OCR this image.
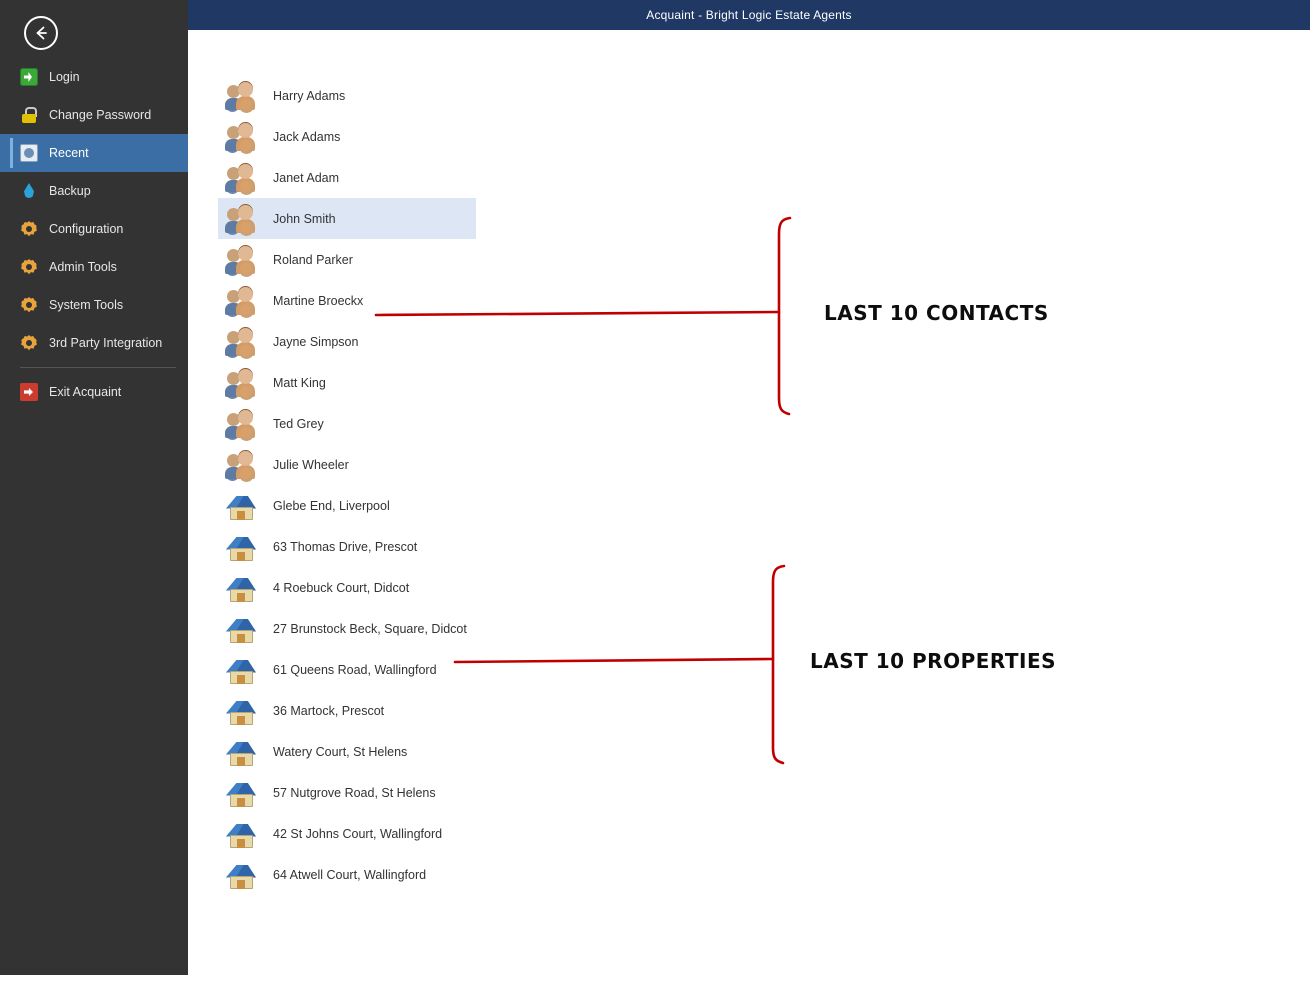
Login
Change Password
Recent
Backup
Configuration
Admin Tools
System Tools
3rd Party Integration
Exit Acquaint
Acquaint - Bright Logic Estate Agents
Harry Adams
Jack Adams
Janet Adam
John Smith
Roland Parker
Martine Broeckx
Jayne Simpson
Matt King
Ted Grey
Julie Wheeler
Glebe End, Liverpool
63 Thomas Drive, Prescot
4 Roebuck Court, Didcot
27 Brunstock Beck, Square, Didcot
61 Queens Road, Wallingford
36 Martock, Prescot
Watery Court, St Helens
57 Nutgrove Road, St Helens
42 St Johns Court, Wallingford
64 Atwell Court, Wallingford
LAST 10 CONTACTS
LAST 10 PROPERTIES
